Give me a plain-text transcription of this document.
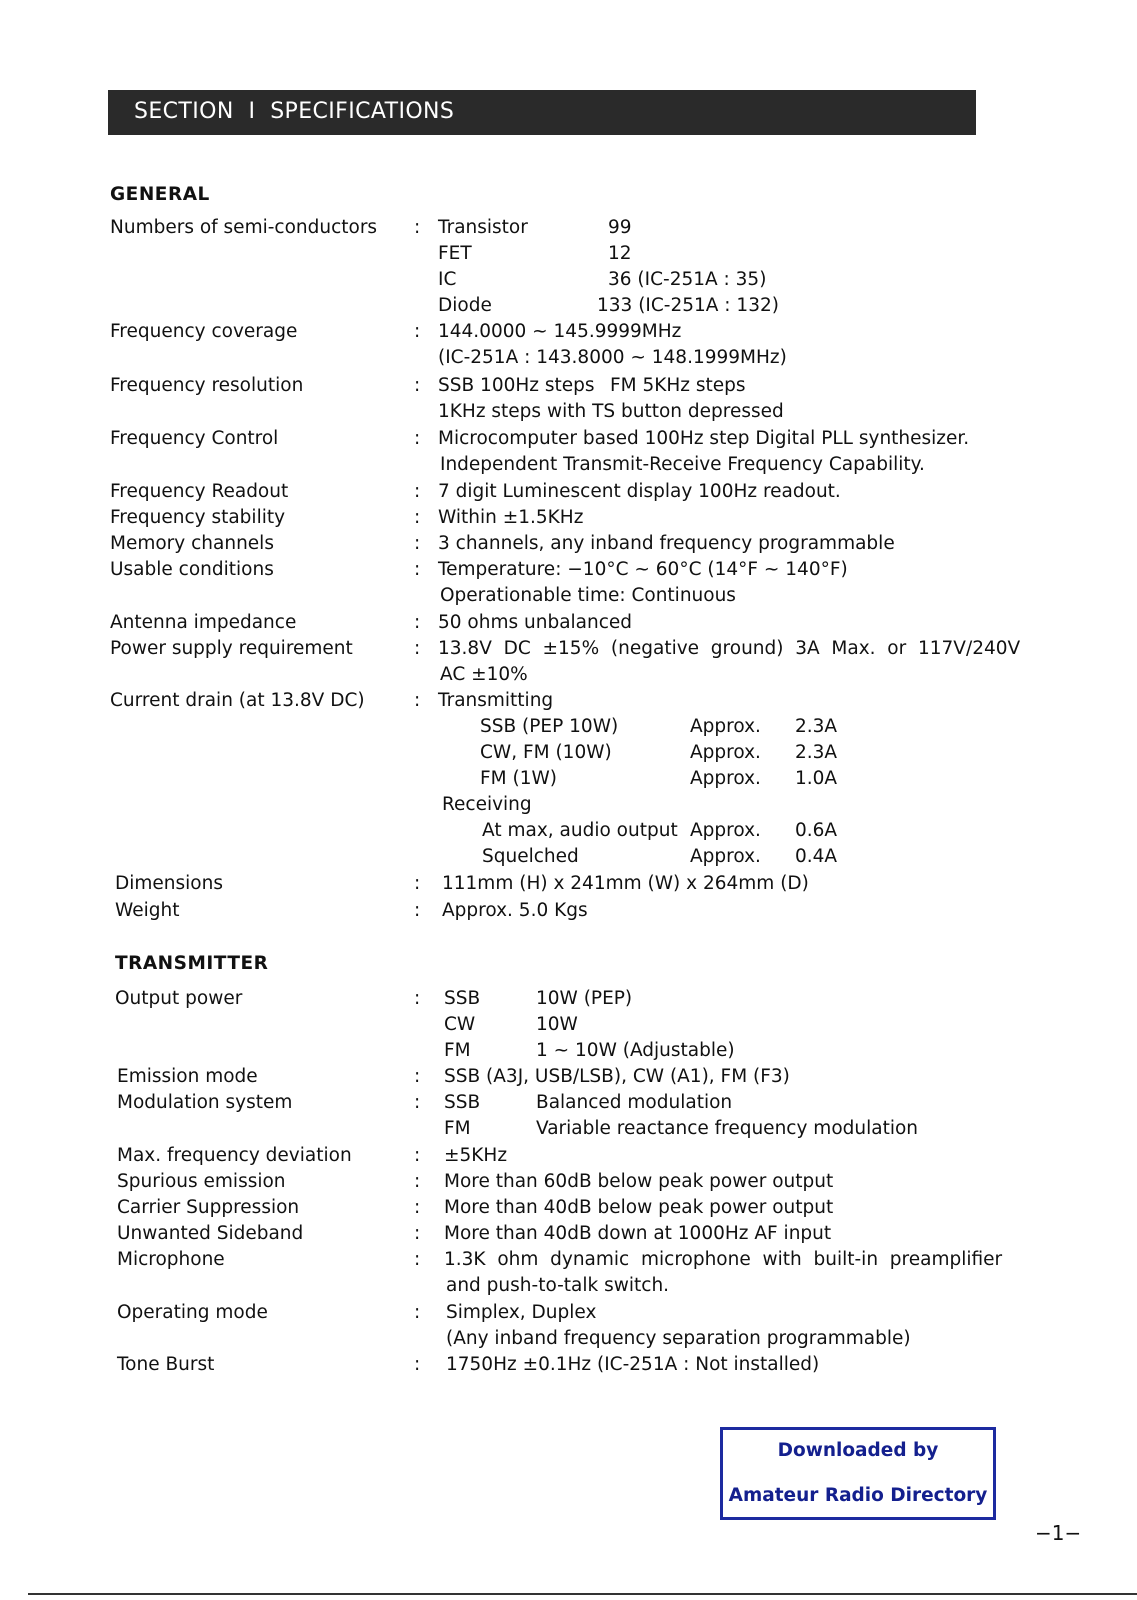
SECTION  I  SPECIFICATIONS
GENERAL
Numbers of semi-conductors : Transistor	99
FET	12
IC	36 (IC-251A : 35)
Diode	133 (IC-251A : 132)
Frequency coverage	: 144.0000 ~ 145.9999MHz
(IC-251A : 143.8000 ~ 148.1999MHz)
Frequency resolution	: SSB 100Hz steps FM 5KHz steps
1KHz steps with TS button depressed
Frequency Control	: Microcomputer based 100Hz step Digital PLL synthesizer.
Independent Transmit-Receive Frequency Capability.
Frequency Readout	: 7 digit Luminescent display 100Hz readout.
Frequency stability	: Within ±1.5KHz
Memory channels	: 3 channels, any inband frequency programmable
Usable conditions	: Temperature: −10°C ~ 60°C (14°F ~ 140°F)
Operationable time: Continuous
Antenna impedance	: 50 ohms unbalanced
Power supply requirement	: 13.8V  DC  ±15%  (negative  ground)  3A  Max.  or  117V/240V
AC ±10%
Current drain (at 13.8V DC)	: Transmitting
SSB (PEP 10W)	Approx. 2.3A
CW, FM (10W)	Approx. 2.3A
FM (1W)	Approx. 1.0A
Receiving
At max, audio output Approx. 0.6A
Squelched	Approx. 0.4A
Dimensions	: 111mm (H) x 241mm (W) x 264mm (D)
Weight	: Approx. 5.0 Kgs
TRANSMITTER
Output power	: SSB	10W (PEP)
CW	10W
FM	1 ~ 10W (Adjustable)
Emission mode	: SSB (A3J, USB/LSB), CW (A1), FM (F3)
Modulation system	: SSB	Balanced modulation
FM	Variable reactance frequency modulation
Max. frequency deviation	: ±5KHz
Spurious emission	: More than 60dB below peak power output
Carrier Suppression	: More than 40dB below peak power output
Unwanted Sideband	: More than 40dB down at 1000Hz AF input
Microphone	: 1.3K  ohm  dynamic  microphone  with  built-in  preamplifier
and push-to-talk switch.
Operating mode	: Simplex, Duplex
(Any inband frequency separation programmable)
Tone Burst	: 1750Hz ±0.1Hz (IC-251A : Not installed)
Downloaded by
Amateur Radio Directory
−1−
